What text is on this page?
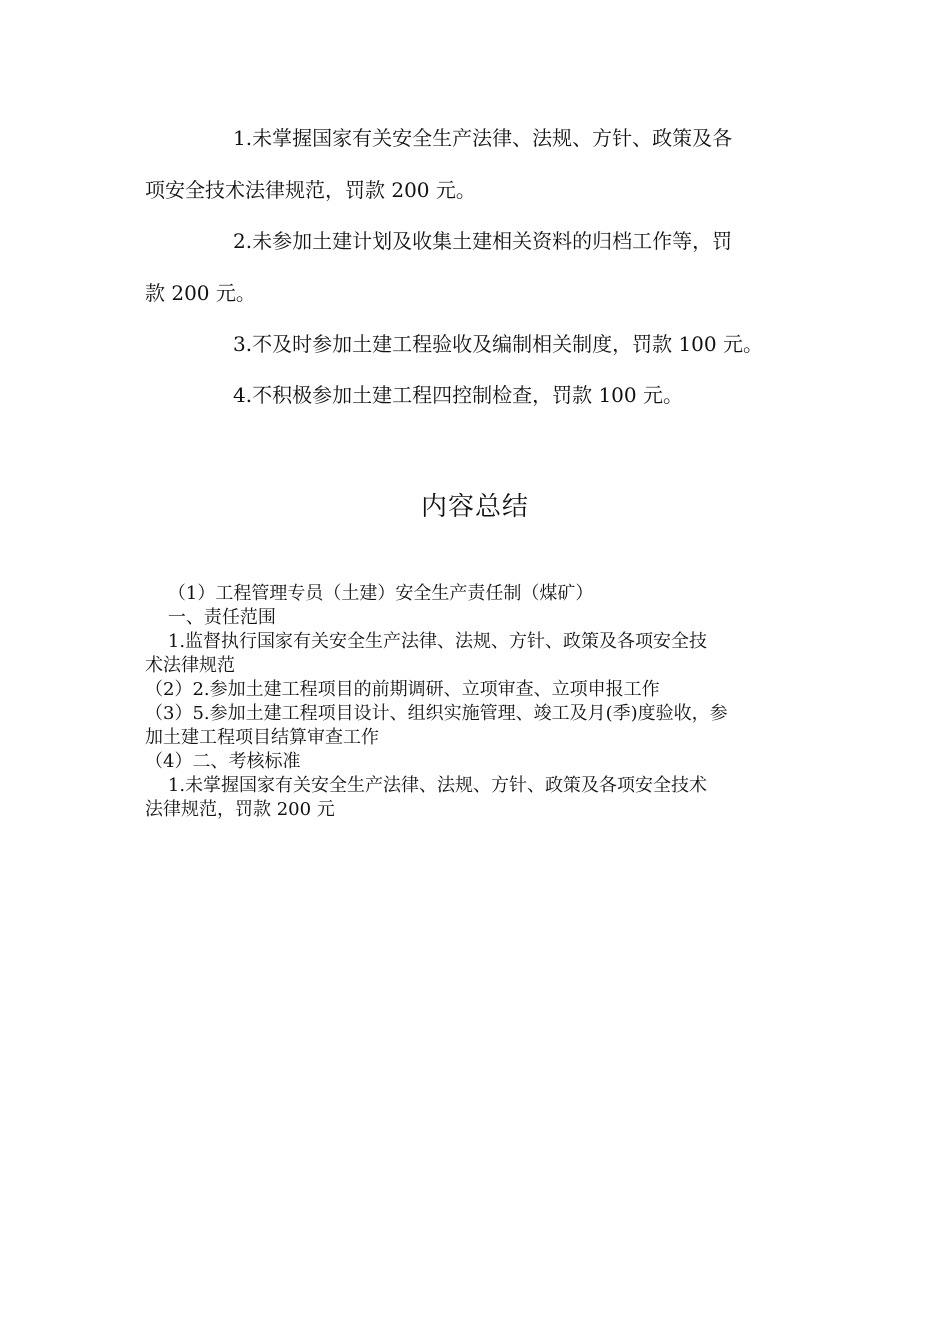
1.未掌握国家有关安全生产法律、法规、方针、政策及各

项安全技术法律规范，罚款 200 元。

2.未参加土建计划及收集土建相关资料的归档工作等，罚

款 200 元。

3.不及时参加土建工程验收及编制相关制度，罚款 100 元。

4.不积极参加土建工程四控制检查，罚款 100 元。

内容总结

（1）工程管理专员（土建）安全生产责任制（煤矿）

一、责任范围

1.监督执行国家有关安全生产法律、法规、方针、政策及各项安全技

术法律规范

（2）2.参加土建工程项目的前期调研、立项审查、立项申报工作

（3）5.参加土建工程项目设计、组织实施管理、竣工及月(季)度验收，参

加土建工程项目结算审查工作

（4）二、考核标准

1.未掌握国家有关安全生产法律、法规、方针、政策及各项安全技术

法律规范，罚款 200 元
